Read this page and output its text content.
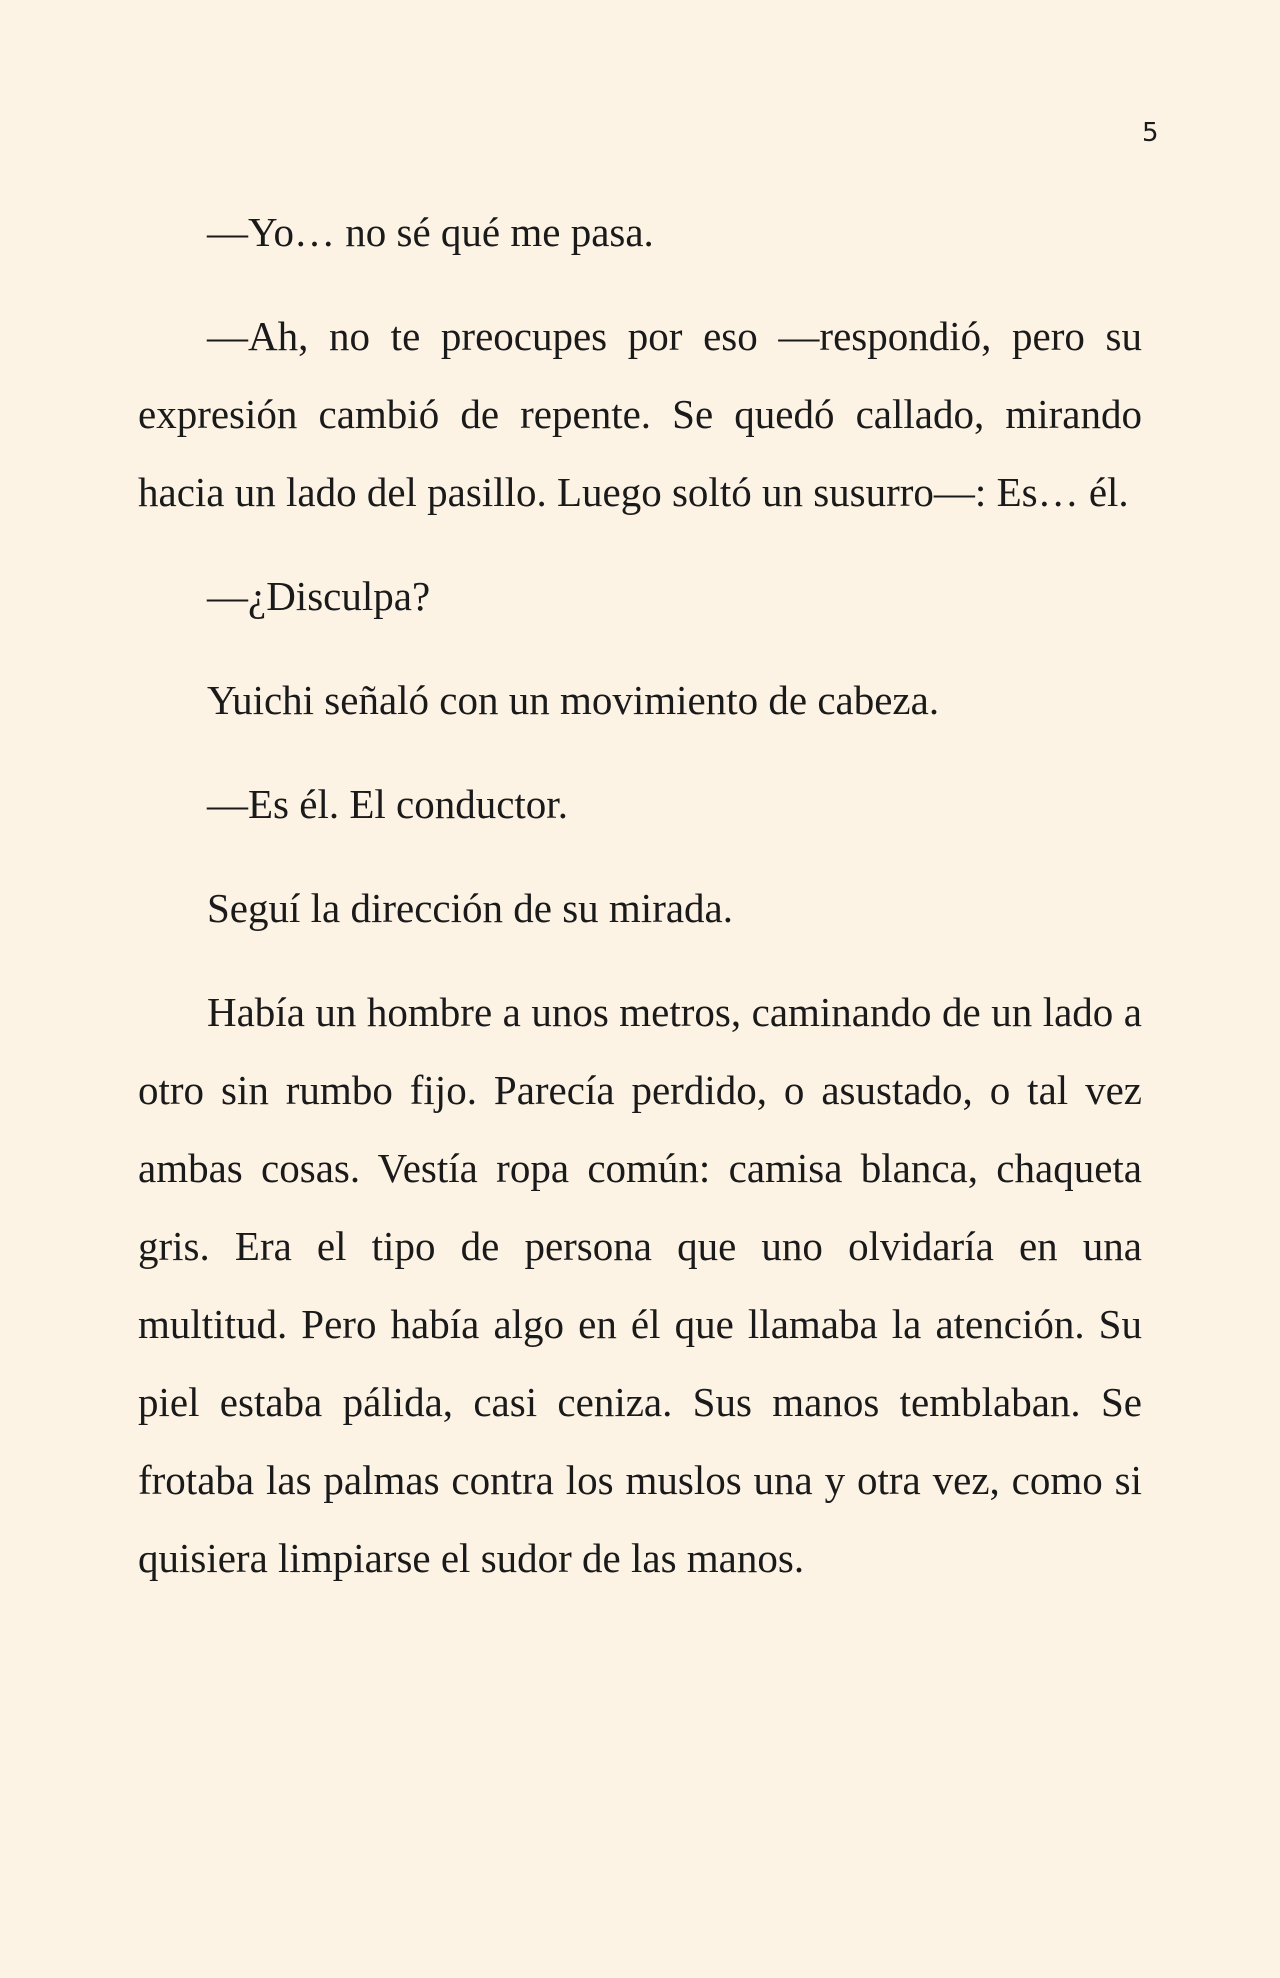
5

—Yo… no sé qué me pasa.

—Ah, no te preocupes por eso —respondió, pero su expresión cambió de repente. Se quedó callado, mirando hacia un lado del pasillo. Luego soltó un susurro—: Es… él.

—¿Disculpa?

Yuichi señaló con un movimiento de cabeza.

—Es él. El conductor.

Seguí la dirección de su mirada.

Había un hombre a unos metros, caminando de un lado a otro sin rumbo fijo. Parecía perdido, o asustado, o tal vez ambas cosas. Vestía ropa común: camisa blanca, chaqueta gris. Era el tipo de persona que uno olvidaría en una multitud. Pero había algo en él que llamaba la atención. Su piel estaba pálida, casi ceniza. Sus manos temblaban. Se frotaba las palmas contra los muslos una y otra vez, como si quisiera limpiarse el sudor de las manos.
